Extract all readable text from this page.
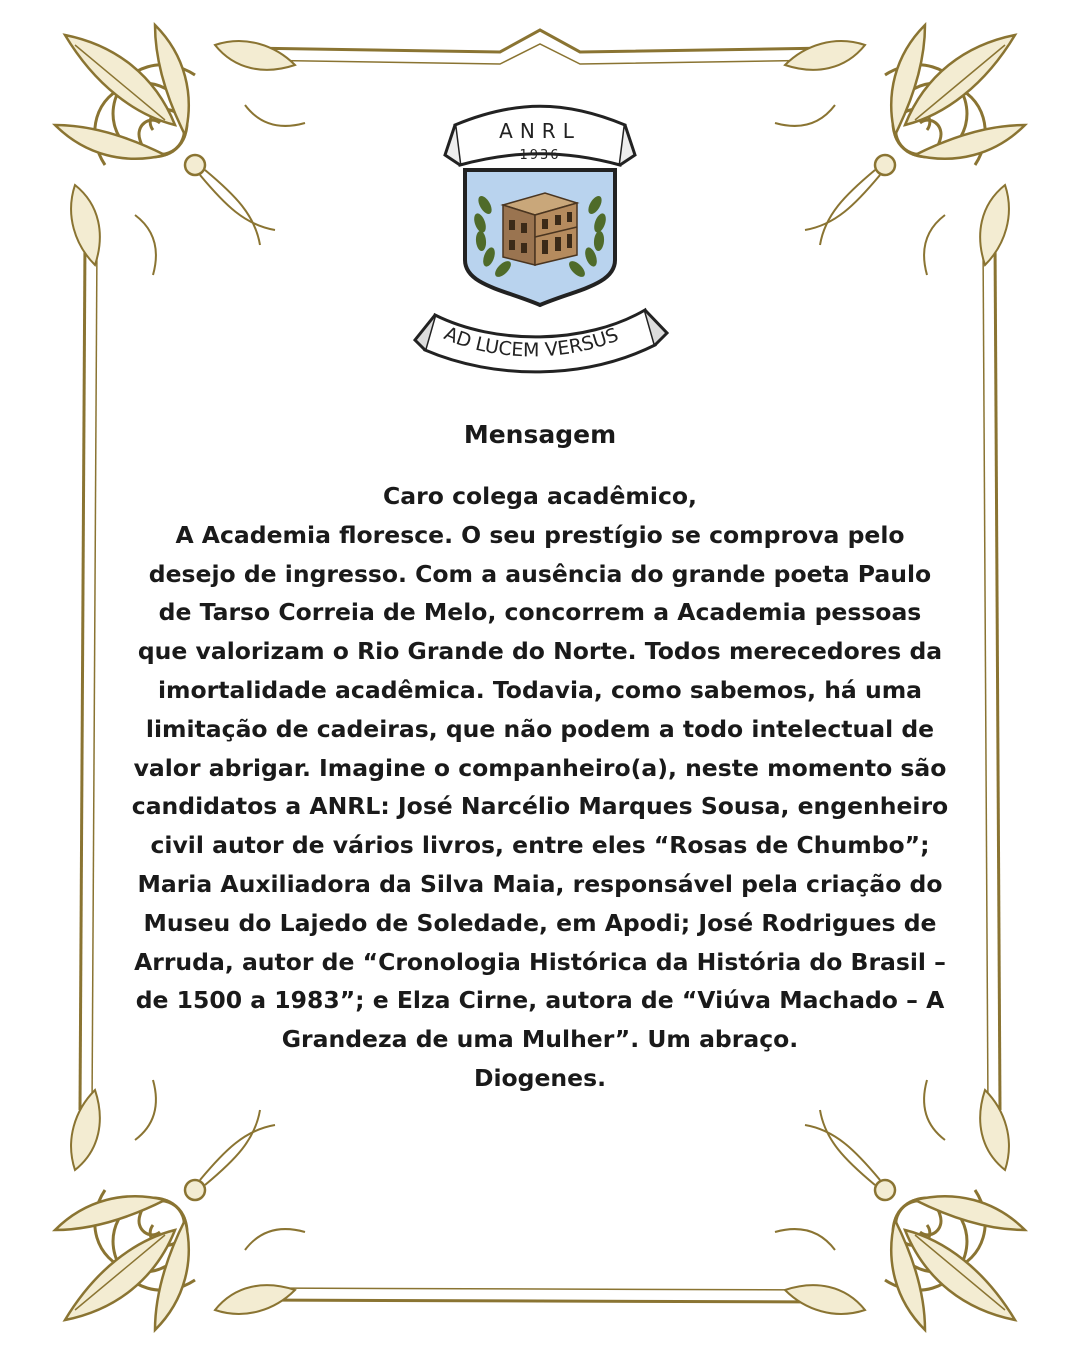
ANRL
1936
AD LUCEM VERSUS
Mensagem
Caro colega acadêmico,
A Academia floresce. O seu prestígio se comprova pelo desejo de ingresso. Com a ausência do grande poeta Paulo de Tarso Correia de Melo, concorrem a Academia pessoas que valorizam o Rio Grande do Norte. Todos merecedores da imortalidade acadêmica. Todavia, como sabemos, há uma limitação de cadeiras, que não podem a todo intelectual de valor abrigar. Imagine o companheiro(a), neste momento são candidatos a ANRL: José Narcélio Marques Sousa, engenheiro civil autor de vários livros, entre eles “Rosas de Chumbo”; Maria Auxiliadora da Silva Maia, responsável pela criação do Museu do Lajedo de Soledade, em Apodi; José Rodrigues de Arruda, autor de “Cronologia Histórica da História do Brasil – de 1500 a 1983”; e Elza Cirne, autora de “Viúva Machado – A Grandeza de uma Mulher”. Um abraço.
Diogenes.
